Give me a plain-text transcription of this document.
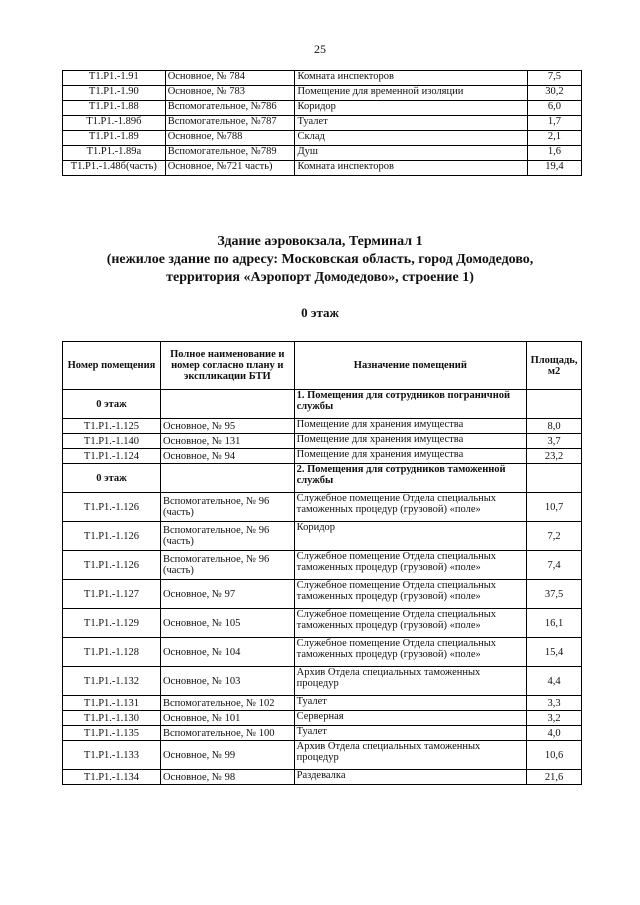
25
Т1.Р1.-1.91	Основное, № 784	Комната инспекторов	7,5
Т1.Р1.-1.90	Основное, № 783	Помещение для временной изоляции	30,2
Т1.Р1.-1.88	Вспомогательное, №786	Коридор	6,0
Т1.Р1.-1.89б	Вспомогательное, №787	Туалет	1,7
Т1.Р1.-1.89	Основное, №788	Склад	2,1
Т1.Р1.-1.89а	Вспомогательное, №789	Душ	1,6
Т1.Р1.-1.48б(часть)	Основное, №721 часть)	Комната инспекторов	19,4
Здание аэровокзала, Терминал 1
(нежилое здание по адресу: Московская область, город Домодедово,
территория «Аэропорт Домодедово», строение 1)
0 этаж
Номер помещения	Полное наименование и номер согласно плану и экспликации БТИ	Назначение помещений	Площадь, м2
0 этаж		1. Помещения для сотрудников пограничной службы	
Т1.Р1.-1.125	Основное, № 95	Помещение для хранения имущества	8,0
Т1.Р1.-1.140	Основное, № 131	Помещение для хранения имущества	3,7
Т1.Р1.-1.124	Основное, № 94	Помещение для хранения имущества	23,2
0 этаж		2. Помещения для сотрудников таможенной службы	
Т1.Р1.-1.126	Вспомогательное, № 96 (часть)	Служебное помещение Отдела специальных таможенных процедур (грузовой) «поле»	10,7
Т1.Р1.-1.126	Вспомогательное, № 96 (часть)	Коридор	7,2
Т1.Р1.-1.126	Вспомогательное, № 96 (часть)	Служебное помещение Отдела специальных таможенных процедур (грузовой) «поле»	7,4
Т1.Р1.-1.127	Основное, № 97	Служебное помещение Отдела специальных таможенных процедур (грузовой) «поле»	37,5
Т1.Р1.-1.129	Основное, № 105	Служебное помещение Отдела специальных таможенных процедур (грузовой) «поле»	16,1
Т1.Р1.-1.128	Основное, № 104	Служебное помещение Отдела специальных таможенных процедур (грузовой) «поле»	15,4
Т1.Р1.-1.132	Основное, № 103	Архив Отдела специальных таможенных процедур	4,4
Т1.Р1.-1.131	Вспомогательное, № 102	Туалет	3,3
Т1.Р1.-1.130	Основное, № 101	Серверная	3,2
Т1.Р1.-1.135	Вспомогательное, № 100	Туалет	4,0
Т1.Р1.-1.133	Основное, № 99	Архив Отдела специальных таможенных процедур	10,6
Т1.Р1.-1.134	Основное, № 98	Раздевалка	21,6
